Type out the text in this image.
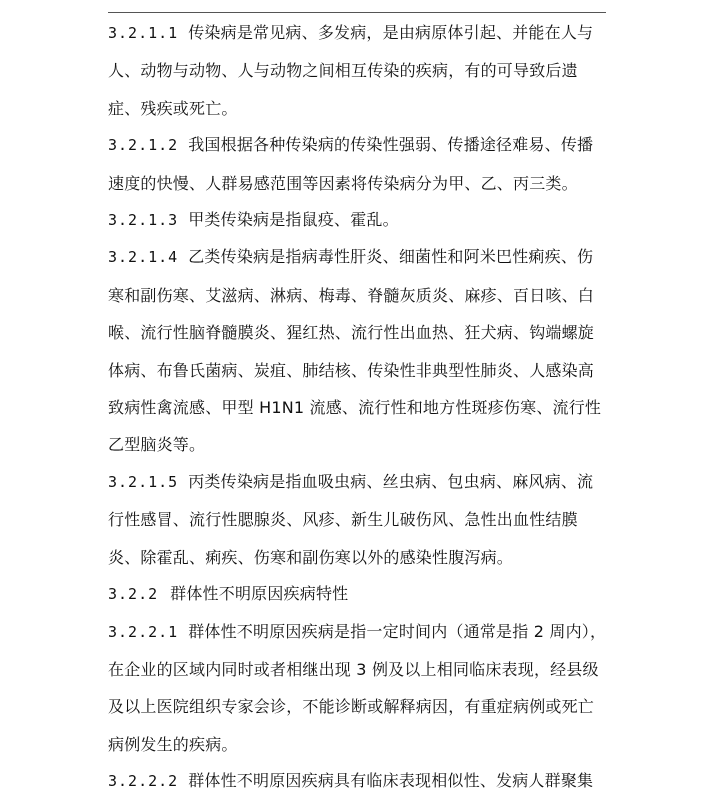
3.2.1.1 传染病是常见病、多发病，是由病原体引起、并能在人与人、动物与动物、人与动物之间相互传染的疾病，有的可导致后遗症、残疾或死亡。

3.2.1.2 我国根据各种传染病的传染性强弱、传播途径难易、传播速度的快慢、人群易感范围等因素将传染病分为甲、乙、丙三类。

3.2.1.3 甲类传染病是指鼠疫、霍乱。

3.2.1.4 乙类传染病是指病毒性肝炎、细菌性和阿米巴性痢疾、伤寒和副伤寒、艾滋病、淋病、梅毒、脊髓灰质炎、麻疹、百日咳、白喉、流行性脑脊髓膜炎、猩红热、流行性出血热、狂犬病、钩端螺旋体病、布鲁氏菌病、炭疽、肺结核、传染性非典型性肺炎、人感染高致病性禽流感、甲型 H1N1 流感、流行性和地方性斑疹伤寒、流行性乙型脑炎等。

3.2.1.5 丙类传染病是指血吸虫病、丝虫病、包虫病、麻风病、流行性感冒、流行性腮腺炎、风疹、新生儿破伤风、急性出血性结膜炎、除霍乱、痢疾、伤寒和副伤寒以外的感染性腹泻病。

3.2.2 群体性不明原因疾病特性

3.2.2.1 群体性不明原因疾病是指一定时间内（通常是指 2 周内），在企业的区域内同时或者相继出现 3 例及以上相同临床表现，经县级及以上医院组织专家会诊，不能诊断或解释病因，有重症病例或死亡病例发生的疾病。

3.2.2.2 群体性不明原因疾病具有临床表现相似性、发病人群聚集
